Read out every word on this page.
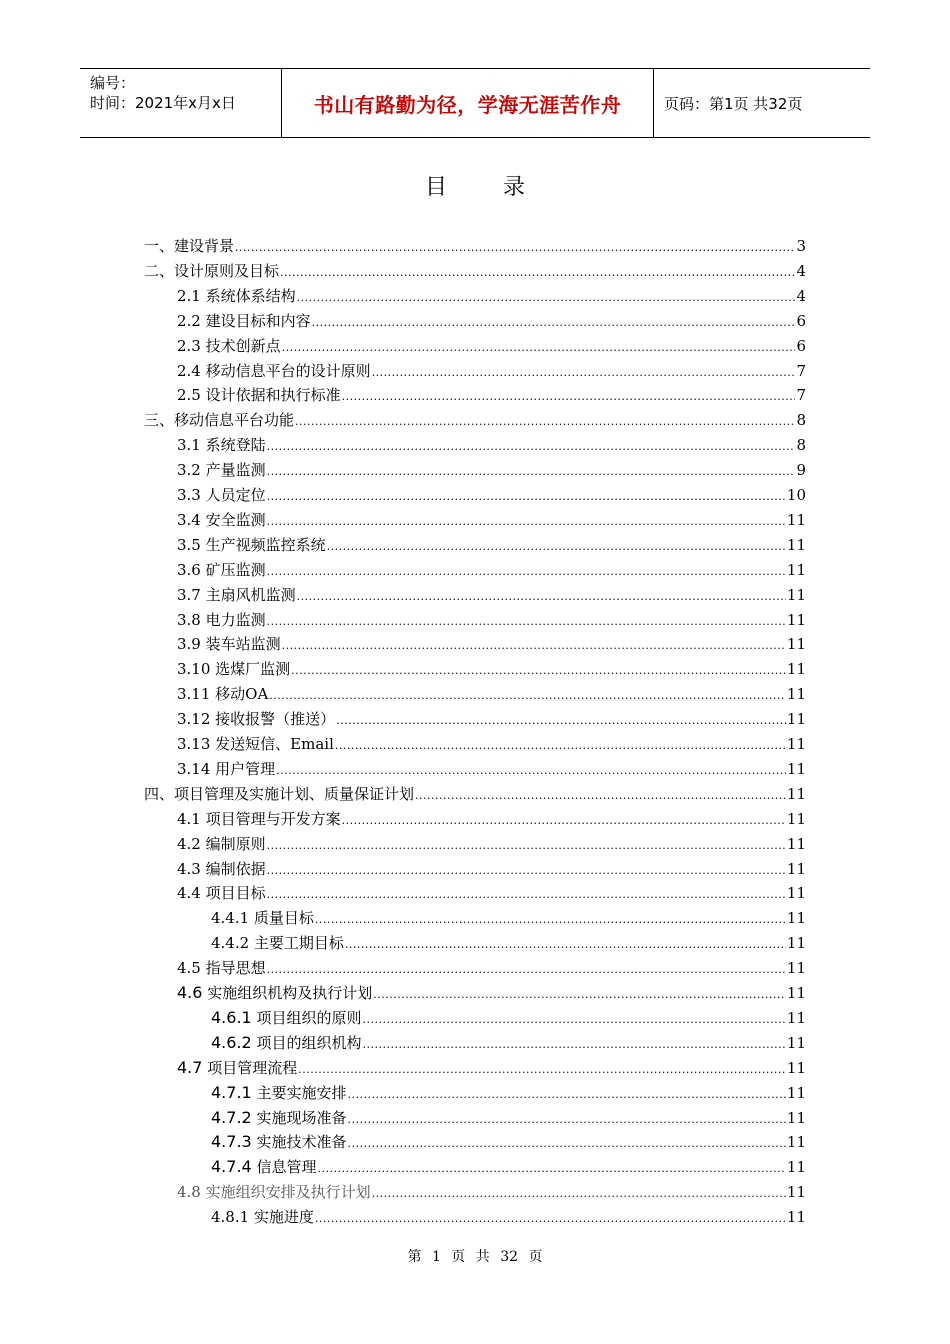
编号：
时间：2021年x月x日	书山有路勤为径，学海无涯苦作舟	页码：第1页 共32页
目录
一、建设背景 .....	3
二、设计原则及目标 .....	4
2.1 系统体系结构 .....	4
2.2 建设目标和内容 .....	6
2.3 技术创新点 .....	6
2.4 移动信息平台的设计原则 .....	7
2.5 设计依据和执行标准 .....	7
三、移动信息平台功能 .....	8
3.1 系统登陆 .....	8
3.2 产量监测 .....	9
3.3 人员定位 .....	10
3.4 安全监测 .....	11
3.5 生产视频监控系统 .....	11
3.6 矿压监测 .....	11
3.7 主扇风机监测 .....	11
3.8 电力监测 .....	11
3.9 装车站监测 .....	11
3.10 选煤厂监测 .....	11
3.11 移动OA .....	11
3.12 接收报警（推送） .....	11
3.13 发送短信、Email .....	11
3.14 用户管理 .....	11
四、项目管理及实施计划、质量保证计划 .....	11
4.1 项目管理与开发方案 .....	11
4.2 编制原则 .....	11
4.3 编制依据 .....	11
4.4 项目目标 .....	11
4.4.1 质量目标 .....	11
4.4.2 主要工期目标 .....	11
4.5 指导思想 .....	11
4.6 实施组织机构及执行计划 .....	11
4.6.1 项目组织的原则 .....	11
4.6.2 项目的组织机构 .....	11
4.7 项目管理流程 .....	11
4.7.1 主要实施安排 .....	11
4.7.2 实施现场准备 .....	11
4.7.3 实施技术准备 .....	11
4.7.4 信息管理 .....	11
4.8 实施组织安排及执行计划 .....	11
4.8.1 实施进度 .....	11
第 1 页 共 32 页
